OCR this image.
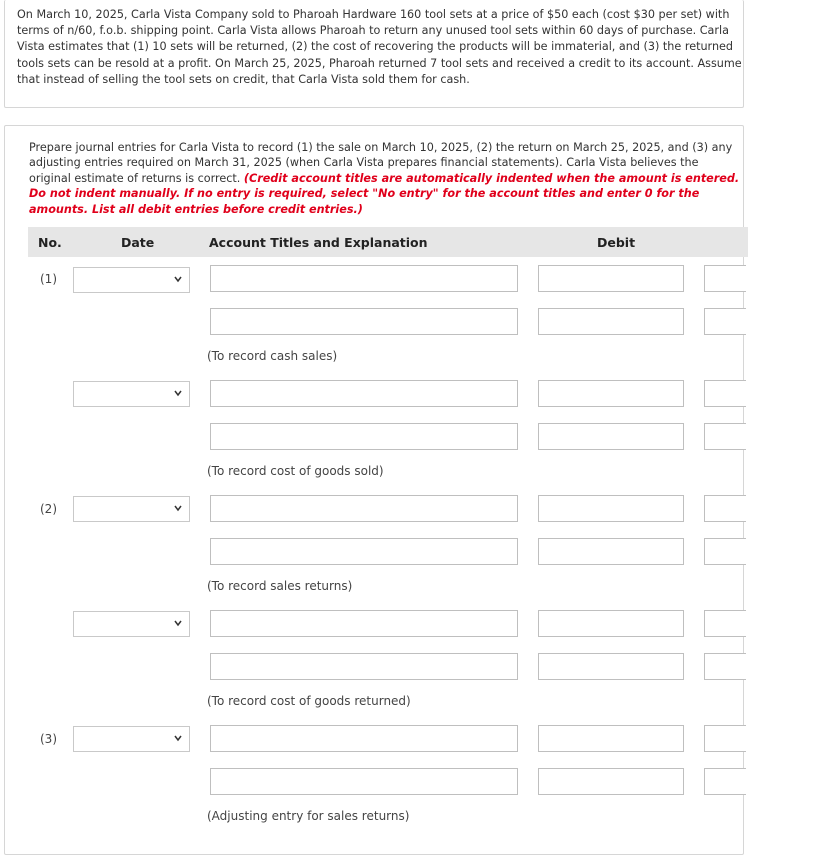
On March 10, 2025, Carla Vista Company sold to Pharoah Hardware 160 tool sets at a price of $50 each (cost $30 per set) with terms of n/60, f.o.b. shipping point. Carla Vista allows Pharoah to return any unused tool sets within 60 days of purchase. Carla Vista estimates that (1) 10 sets will be returned, (2) the cost of recovering the products will be immaterial, and (3) the returned tools sets can be resold at a profit. On March 25, 2025, Pharoah returned 7 tool sets and received a credit to its account. Assume that instead of selling the tool sets on credit, that Carla Vista sold them for cash.
Prepare journal entries for Carla Vista to record (1) the sale on March 10, 2025, (2) the return on March 25, 2025, and (3) any adjusting entries required on March 31, 2025 (when Carla Vista prepares financial statements). Carla Vista believes the original estimate of returns is correct. (Credit account titles are automatically indented when the amount is entered. Do not indent manually. If no entry is required, select "No entry" for the account titles and enter 0 for the amounts. List all debit entries before credit entries.)
No.	Date	Account Titles and Explanation	Debit
(1)
(To record cash sales)
(To record cost of goods sold)
(2)
(To record sales returns)
(To record cost of goods returned)
(3)
(Adjusting entry for sales returns)
